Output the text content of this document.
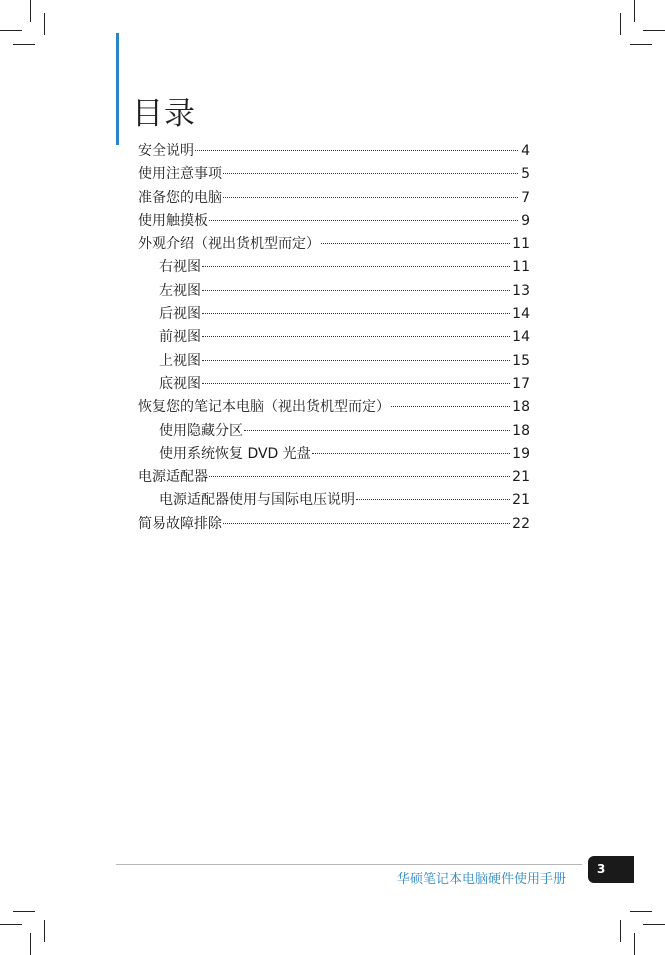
目录
安全说明	4
使用注意事项	5
准备您的电脑	7
使用触摸板	9
外观介绍（视出货机型而定）	11
右视图	11
左视图	13
后视图	14
前视图	14
上视图	15
底视图	17
恢复您的笔记本电脑（视出货机型而定）	18
使用隐藏分区	18
使用系统恢复 DVD 光盘	19
电源适配器	21
电源适配器使用与国际电压说明	21
简易故障排除	22
华硕笔记本电脑硬件使用手册
3
